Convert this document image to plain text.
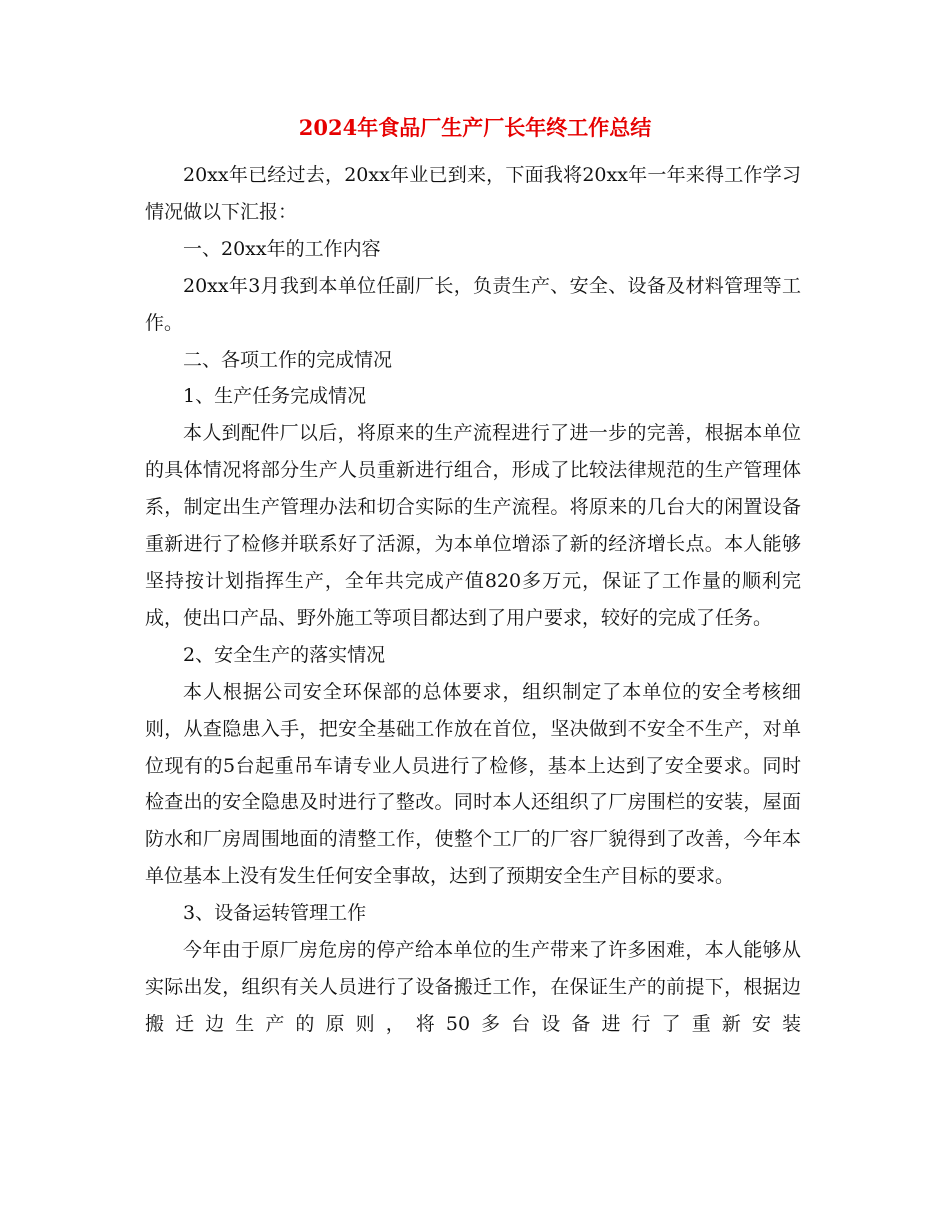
2024年食品厂生产厂长年终工作总结

20xx年已经过去，20xx年业已到来，下面我将20xx年一年来得工作学习情况做以下汇报：

一、20xx年的工作内容

20xx年3月我到本单位任副厂长，负责生产、安全、设备及材料管理等工作。

二、各项工作的完成情况

1、生产任务完成情况

本人到配件厂以后，将原来的生产流程进行了进一步的完善，根据本单位的具体情况将部分生产人员重新进行组合，形成了比较法律规范的生产管理体系，制定出生产管理办法和切合实际的生产流程。将原来的几台大的闲置设备重新进行了检修并联系好了活源，为本单位增添了新的经济增长点。本人能够坚持按计划指挥生产，全年共完成产值820多万元，保证了工作量的顺利完成，使出口产品、野外施工等项目都达到了用户要求，较好的完成了任务。

2、安全生产的落实情况

本人根据公司安全环保部的总体要求，组织制定了本单位的安全考核细则，从查隐患入手，把安全基础工作放在首位，坚决做到不安全不生产，对单位现有的5台起重吊车请专业人员进行了检修，基本上达到了安全要求。同时检查出的安全隐患及时进行了整改。同时本人还组织了厂房围栏的安装，屋面防水和厂房周围地面的清整工作，使整个工厂的厂容厂貌得到了改善，今年本单位基本上没有发生任何安全事故，达到了预期安全生产目标的要求。

3、设备运转管理工作

今年由于原厂房危房的停产给本单位的生产带来了许多困难，本人能够从实际出发，组织有关人员进行了设备搬迁工作，在保证生产的前提下，根据边搬迁边生产的原则，将50多台设备进行了重新安装
